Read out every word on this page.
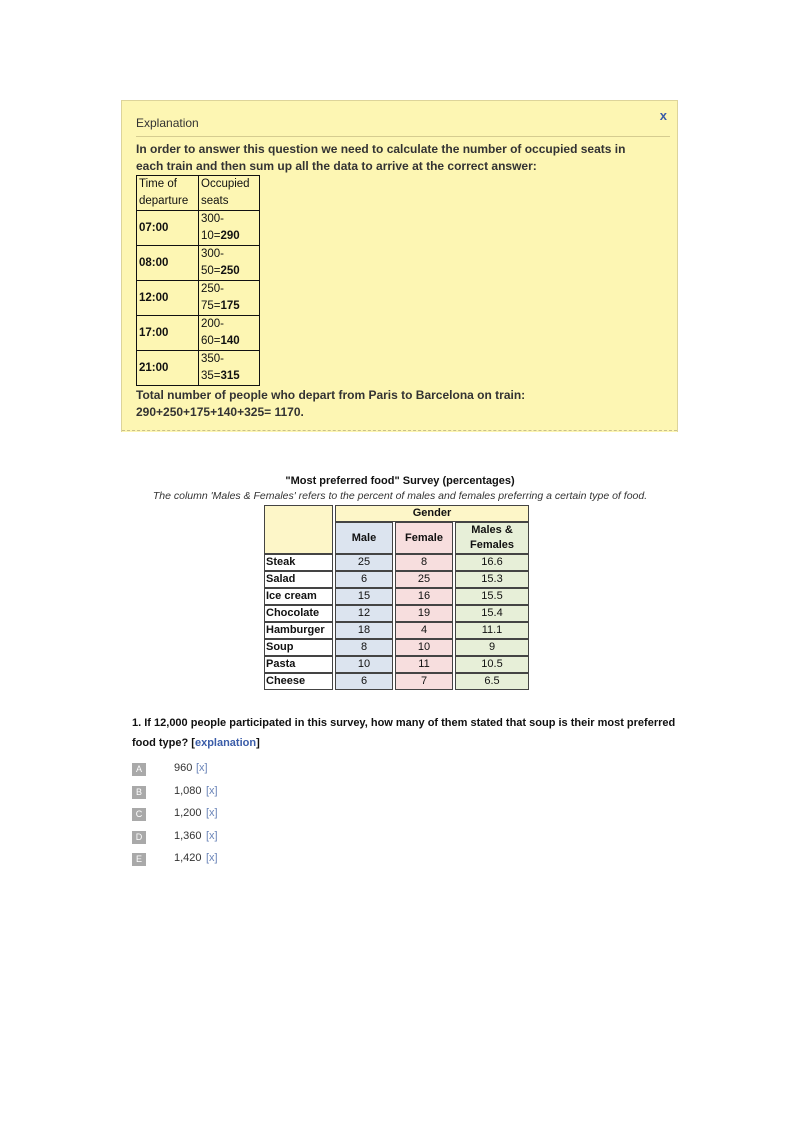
Explanation	x
In order to answer this question we need to calculate the number of occupied seats in each train and then sum up all the data to arrive at the correct answer:
Time of departure	Occupied seats
07:00	300-10=290
08:00	300-50=250
12:00	250-75=175
17:00	200-60=140
21:00	350-35=315
Total number of people who depart from Paris to Barcelona on train:
290+250+175+140+325= 1170.
"Most preferred food" Survey (percentages)
The column 'Males & Females' refers to the percent of males and females preferring a certain type of food.
	Gender		
	Male	Female	Males & Females
Steak	25	8	16.6
Salad	6	25	15.3
Ice cream	15	16	15.5
Chocolate	12	19	15.4
Hamburger	18	4	11.1
Soup	8	10	9
Pasta	10	11	10.5
Cheese	6	7	6.5
1. If 12,000 people participated in this survey, how many of them stated that soup is their most preferred food type? [explanation]
A	960 [x]
B	1,080 [x]
C	1,200 [x]
D	1,360 [x]
E	1,420 [x]
